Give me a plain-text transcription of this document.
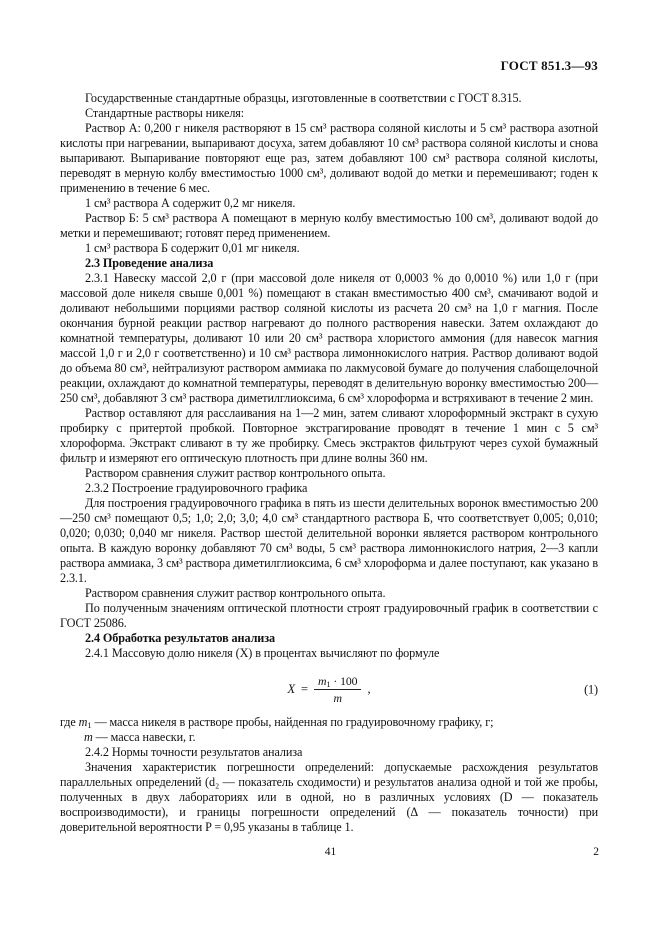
ГОСТ 851.3—93

Государственные стандартные образцы, изготовленные в соответствии с ГОСТ 8.315.

Стандартные растворы никеля:

Раствор А: 0,200 г никеля растворяют в 15 см³ раствора соляной кислоты и 5 см³ раствора азотной кислоты при нагревании, выпаривают досуха, затем добавляют 10 см³ раствора соляной кислоты и снова выпаривают. Выпаривание повторяют еще раз, затем добавляют 100 см³ раствора соляной кислоты, переводят в мерную колбу вместимостью 1000 см³, доливают водой до метки и перемешивают; годен к применению в течение 6 мес.

1 см³ раствора А содержит 0,2 мг никеля.

Раствор Б: 5 см³ раствора А помещают в мерную колбу вместимостью 100 см³, доливают водой до метки и перемешивают; готовят перед применением.

1 см³ раствора Б содержит 0,01 мг никеля.

2.3 Проведение анализа

2.3.1 Навеску массой 2,0 г (при массовой доле никеля от 0,0003 % до 0,0010 %) или 1,0 г (при массовой доле никеля свыше 0,001 %) помещают в стакан вместимостью 400 см³, смачивают водой и доливают небольшими порциями раствор соляной кислоты из расчета 20 см³ на 1,0 г магния. После окончания бурной реакции раствор нагревают до полного растворения навески. Затем охлаждают до комнатной температуры, доливают 10 или 20 см³ раствора хлористого аммония (для навесок магния массой 1,0 г и 2,0 г соответственно) и 10 см³ раствора лимоннокислого натрия. Раствор доливают водой до объема 80 см³, нейтрализуют раствором аммиака по лакмусовой бумаге до получения слабощелочной реакции, охлаждают до комнатной температуры, переводят в делительную воронку вместимостью 200— 250 см³, добавляют 3 см³ раствора диметилглиоксима, 6 см³ хлороформа и встряхивают в течение 2 мин.

Раствор оставляют для расслаивания на 1—2 мин, затем сливают хлороформный экстракт в сухую пробирку с притертой пробкой. Повторное экстрагирование проводят в течение 1 мин с 5 см³ хлороформа. Экстракт сливают в ту же пробирку. Смесь экстрактов фильтруют через сухой бумажный фильтр и измеряют его оптическую плотность при длине волны 360 нм.

Раствором сравнения служит раствор контрольного опыта.

2.3.2 Построение градуировочного графика

Для построения градуировочного графика в пять из шести делительных воронок вместимостью 200—250 см³ помещают 0,5; 1,0; 2,0; 3,0; 4,0 см³ стандартного раствора Б, что соответствует 0,005; 0,010; 0,020; 0,030; 0,040 мг никеля. Раствор шестой делительной воронки является раствором контрольного опыта. В каждую воронку добавляют 70 см³ воды, 5 см³ раствора лимоннокислого натрия, 2—3 капли раствора аммиака, 3 см³ раствора диметилглиоксима, 6 см³ хлороформа и далее поступают, как указано в 2.3.1.

Раствором сравнения служит раствор контрольного опыта.

По полученным значениям оптической плотности строят градуировочный график в соответствии с ГОСТ 25086.

2.4 Обработка результатов анализа

2.4.1 Массовую долю никеля (X) в процентах вычисляют по формуле

$X = \frac{m_1 \cdot 100}{m}$ ,	(1)

где $m_1$ — масса никеля в растворе пробы, найденная по градуировочному графику, г;

m — масса навески, г.

2.4.2 Нормы точности результатов анализа

Значения характеристик погрешности определений: допускаемые расхождения результатов параллельных определений (d₂ — показатель сходимости) и результатов анализа одной и той же пробы, полученных в двух лабораториях или в одной, но в различных условиях (D — показатель воспроизводимости), и границы погрешности определений (Δ — показатель точности) при доверительной вероятности P = 0,95 указаны в таблице 1.

41	2
